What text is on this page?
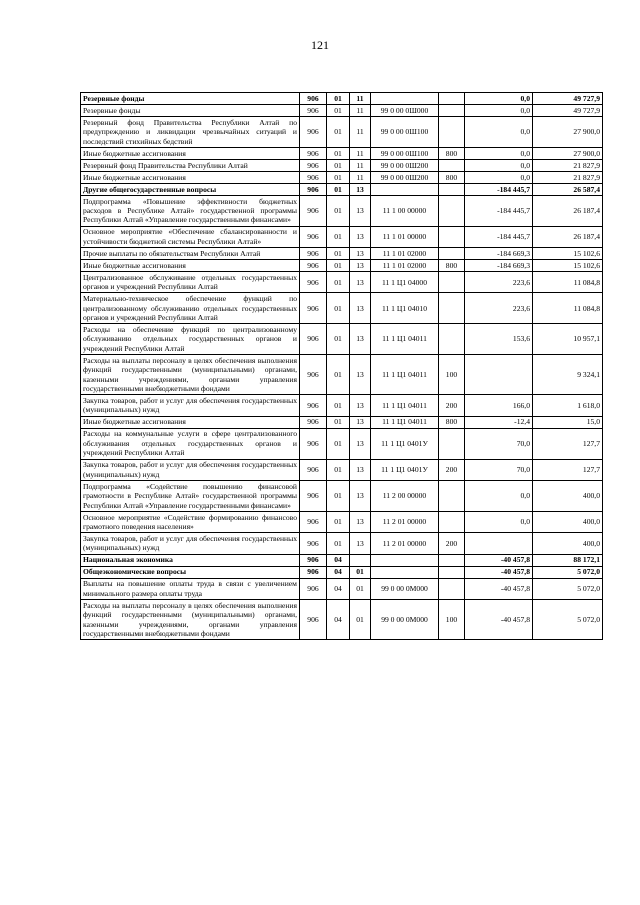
121
Резервные фонды	906	01	11			0,0	49 727,9
Резервные фонды	906	01	11	99 0 00 0Ш000		0,0	49 727,9
Резервный фонд Правительства Республики Алтай по предупреждению и ликвидации чрезвычайных ситуаций и последствий стихийных бедствий	906	01	11	99 0 00 0Ш100		0,0	27 900,0
Иные бюджетные ассигнования	906	01	11	99 0 00 0Ш100	800	0,0	27 900,0
Резервный фонд Правительства Республики Алтай	906	01	11	99 0 00 0Ш200		0,0	21 827,9
Иные бюджетные ассигнования	906	01	11	99 0 00 0Ш200	800	0,0	21 827,9
Другие общегосударственные вопросы	906	01	13			-184 445,7	26 587,4
Подпрограмма «Повышение эффективности бюджетных расходов в Республике Алтай» государственной программы Республики Алтай «Управление государственными финансами»	906	01	13	11 1 00 00000		-184 445,7	26 187,4
Основное мероприятие «Обеспечение сбалансированности и устойчивости бюджетной системы Республики Алтай»	906	01	13	11 1 01 00000		-184 445,7	26 187,4
Прочие выплаты по обязательствам Республики Алтай	906	01	13	11 1 01 02000		-184 669,3	15 102,6
Иные бюджетные ассигнования	906	01	13	11 1 01 02000	800	-184 669,3	15 102,6
Централизованное обслуживание отдельных государственных органов и учреждений Республики Алтай	906	01	13	11 1 Ц1 04000		223,6	11 084,8
Материально-техническое обеспечение функций по централизованному обслуживанию отдельных государственных органов и учреждений Республики Алтай	906	01	13	11 1 Ц1 04010		223,6	11 084,8
Расходы на обеспечение функций по централизованному обслуживанию отдельных государственных органов и учреждений Республики Алтай	906	01	13	11 1 Ц1 04011		153,6	10 957,1
Расходы на выплаты персоналу в целях обеспечения выполнения функций государственными (муниципальными) органами, казенными учреждениями, органами управления государственными внебюджетными фондами	906	01	13	11 1 Ц1 04011	100		9 324,1
Закупка товаров, работ и услуг для обеспечения государственных (муниципальных) нужд	906	01	13	11 1 Ц1 04011	200	166,0	1 618,0
Иные бюджетные ассигнования	906	01	13	11 1 Ц1 04011	800	-12,4	15,0
Расходы на коммунальные услуги в сфере централизованного обслуживания отдельных государственных органов и учреждений Республики Алтай	906	01	13	11 1 Ц1 0401У		70,0	127,7
Закупка товаров, работ и услуг для обеспечения государственных (муниципальных) нужд	906	01	13	11 1 Ц1 0401У	200	70,0	127,7
Подпрограмма «Содействие повышению финансовой грамотности в Республике Алтай» государственной программы Республики Алтай «Управление государственными финансами»	906	01	13	11 2 00 00000		0,0	400,0
Основное мероприятие «Содействие формированию финансово грамотного поведения населения»	906	01	13	11 2 01 00000		0,0	400,0
Закупка товаров, работ и услуг для обеспечения государственных (муниципальных) нужд	906	01	13	11 2 01 00000	200		400,0
Национальная экономика	906	04				-40 457,8	88 172,1
Общеэкономические вопросы	906	04	01			-40 457,8	5 072,0
Выплаты на повышение оплаты труда в связи с увеличением минимального размера оплаты труда	906	04	01	99 0 00 0М000		-40 457,8	5 072,0
Расходы на выплаты персоналу в целях обеспечения выполнения функций государственными (муниципальными) органами, казенными учреждениями, органами управления государственными внебюджетными фондами	906	04	01	99 0 00 0М000	100	-40 457,8	5 072,0
